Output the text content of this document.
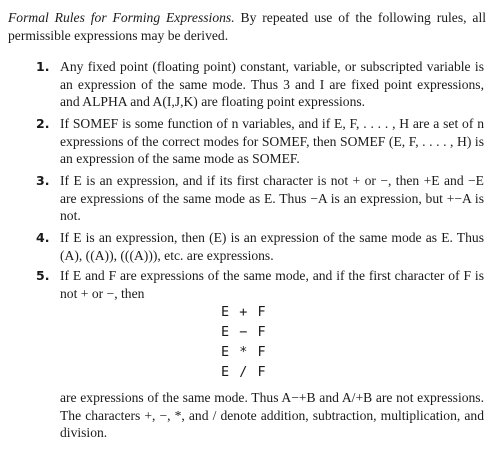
Formal Rules for Forming Expressions. By repeated use of the following rules, all permissible expressions may be derived.

1. Any fixed point (floating point) constant, variable, or subscripted variable is an expression of the same mode. Thus 3 and I are fixed point expressions, and ALPHA and A(I,J,K) are floating point expressions.
2. If SOMEF is some function of n variables, and if E, F, . . . . , H are a set of n expressions of the correct modes for SOMEF, then SOMEF (E, F, . . . . , H) is an expression of the same mode as SOMEF.
3. If E is an expression, and if its first character is not + or −, then +E and −E are expressions of the same mode as E. Thus −A is an expression, but +−A is not.
4. If E is an expression, then (E) is an expression of the same mode as E. Thus (A), ((A)), (((A))), etc. are expressions.
5. If E and F are expressions of the same mode, and if the first character of F is not + or −, then
E + F
E − F
E * F
E / F
are expressions of the same mode. Thus A−+B and A/+B are not expressions. The characters +, −, *, and / denote addition, subtraction, multiplication, and division.
